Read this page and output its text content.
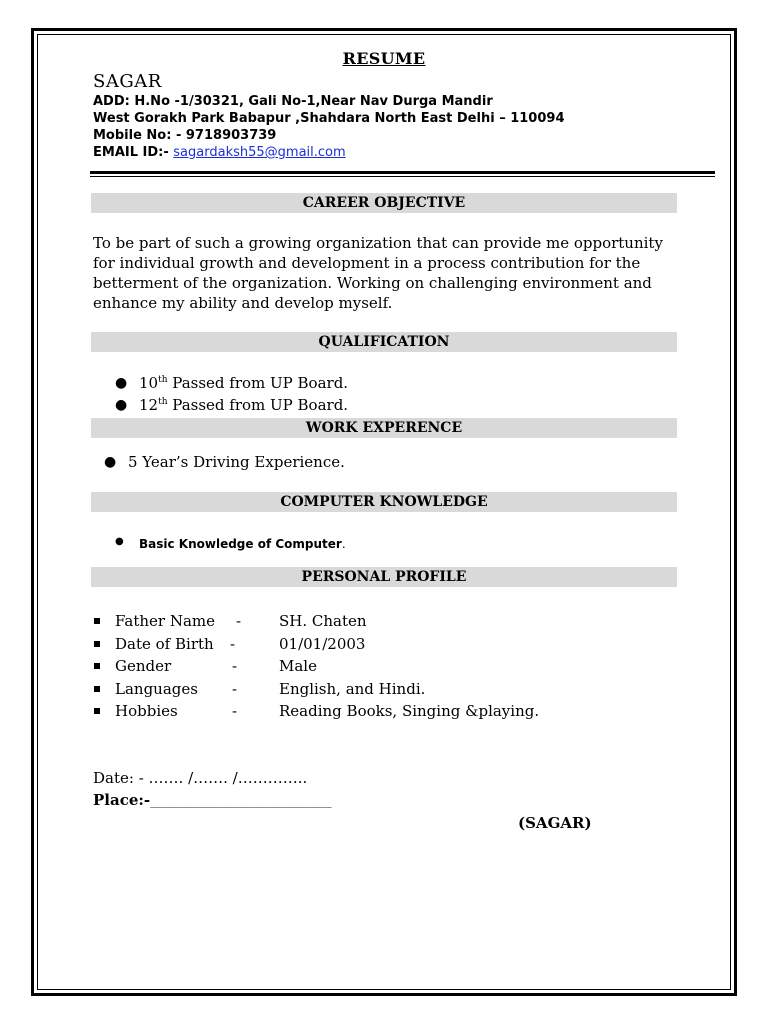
RESUME
SAGAR
ADD: H.No -1/30321, Gali No-1,Near Nav Durga Mandir
West Gorakh Park Babapur ,Shahdara North East Delhi – 110094
Mobile No: - 9718903739
EMAIL ID:- sagardaksh55@gmail.com
CAREER OBJECTIVE
To be part of such a growing organization that can provide me opportunity
for individual growth and development in a process contribution for the
betterment of the organization. Working on challenging environment and
enhance my ability and develop myself.
QUALIFICATION
● 10th Passed from UP Board.
● 12th Passed from UP Board.
WORK EXPERENCE
● 5 Year’s Driving Experience.
COMPUTER KNOWLEDGE
● Basic Knowledge of Computer.
PERSONAL PROFILE
Father Name -	SH. Chaten
Date of Birth -	01/01/2003
Gender	-	Male
Languages -	English, and Hindi.
Hobbies	-	Reading Books, Singing &playing.
Date: - ……. /……. /…………..
Place:-_________________________________
(SAGAR)
